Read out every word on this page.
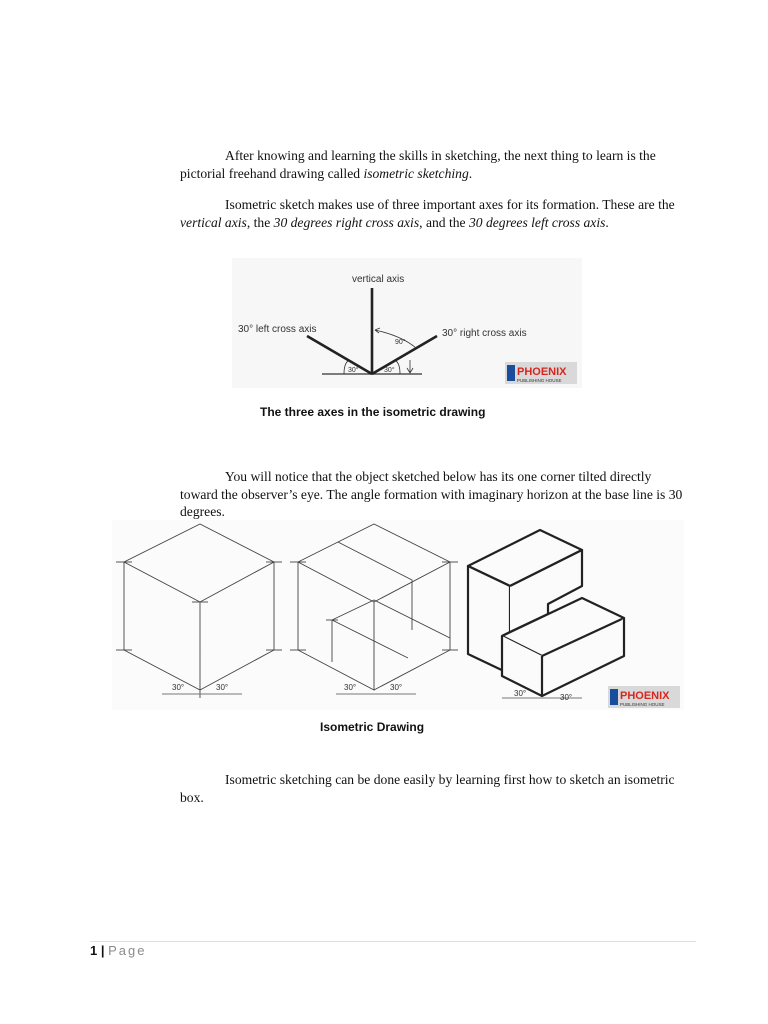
After knowing and learning the skills in sketching, the next thing to learn is the pictorial freehand drawing called isometric sketching.

Isometric sketch makes use of three important axes for its formation. These are the vertical axis, the 30 degrees right cross axis, and the 30 degrees left cross axis.

vertical axis
30° left cross axis	30° right cross axis
90°
30°	30°	PHOENIX
PUBLISHING HOUSE
The three axes in the isometric drawing

You will notice that the object sketched below has its one corner tilted directly toward the observer’s eye. The angle formation with imaginary horizon at the base line is 30 degrees.

30°	30°	30°	30°
30°	30°	PHOENIX
PUBLISHING HOUSE
Isometric Drawing

Isometric sketching can be done easily by learning first how to sketch an isometric box.

1 | Page
